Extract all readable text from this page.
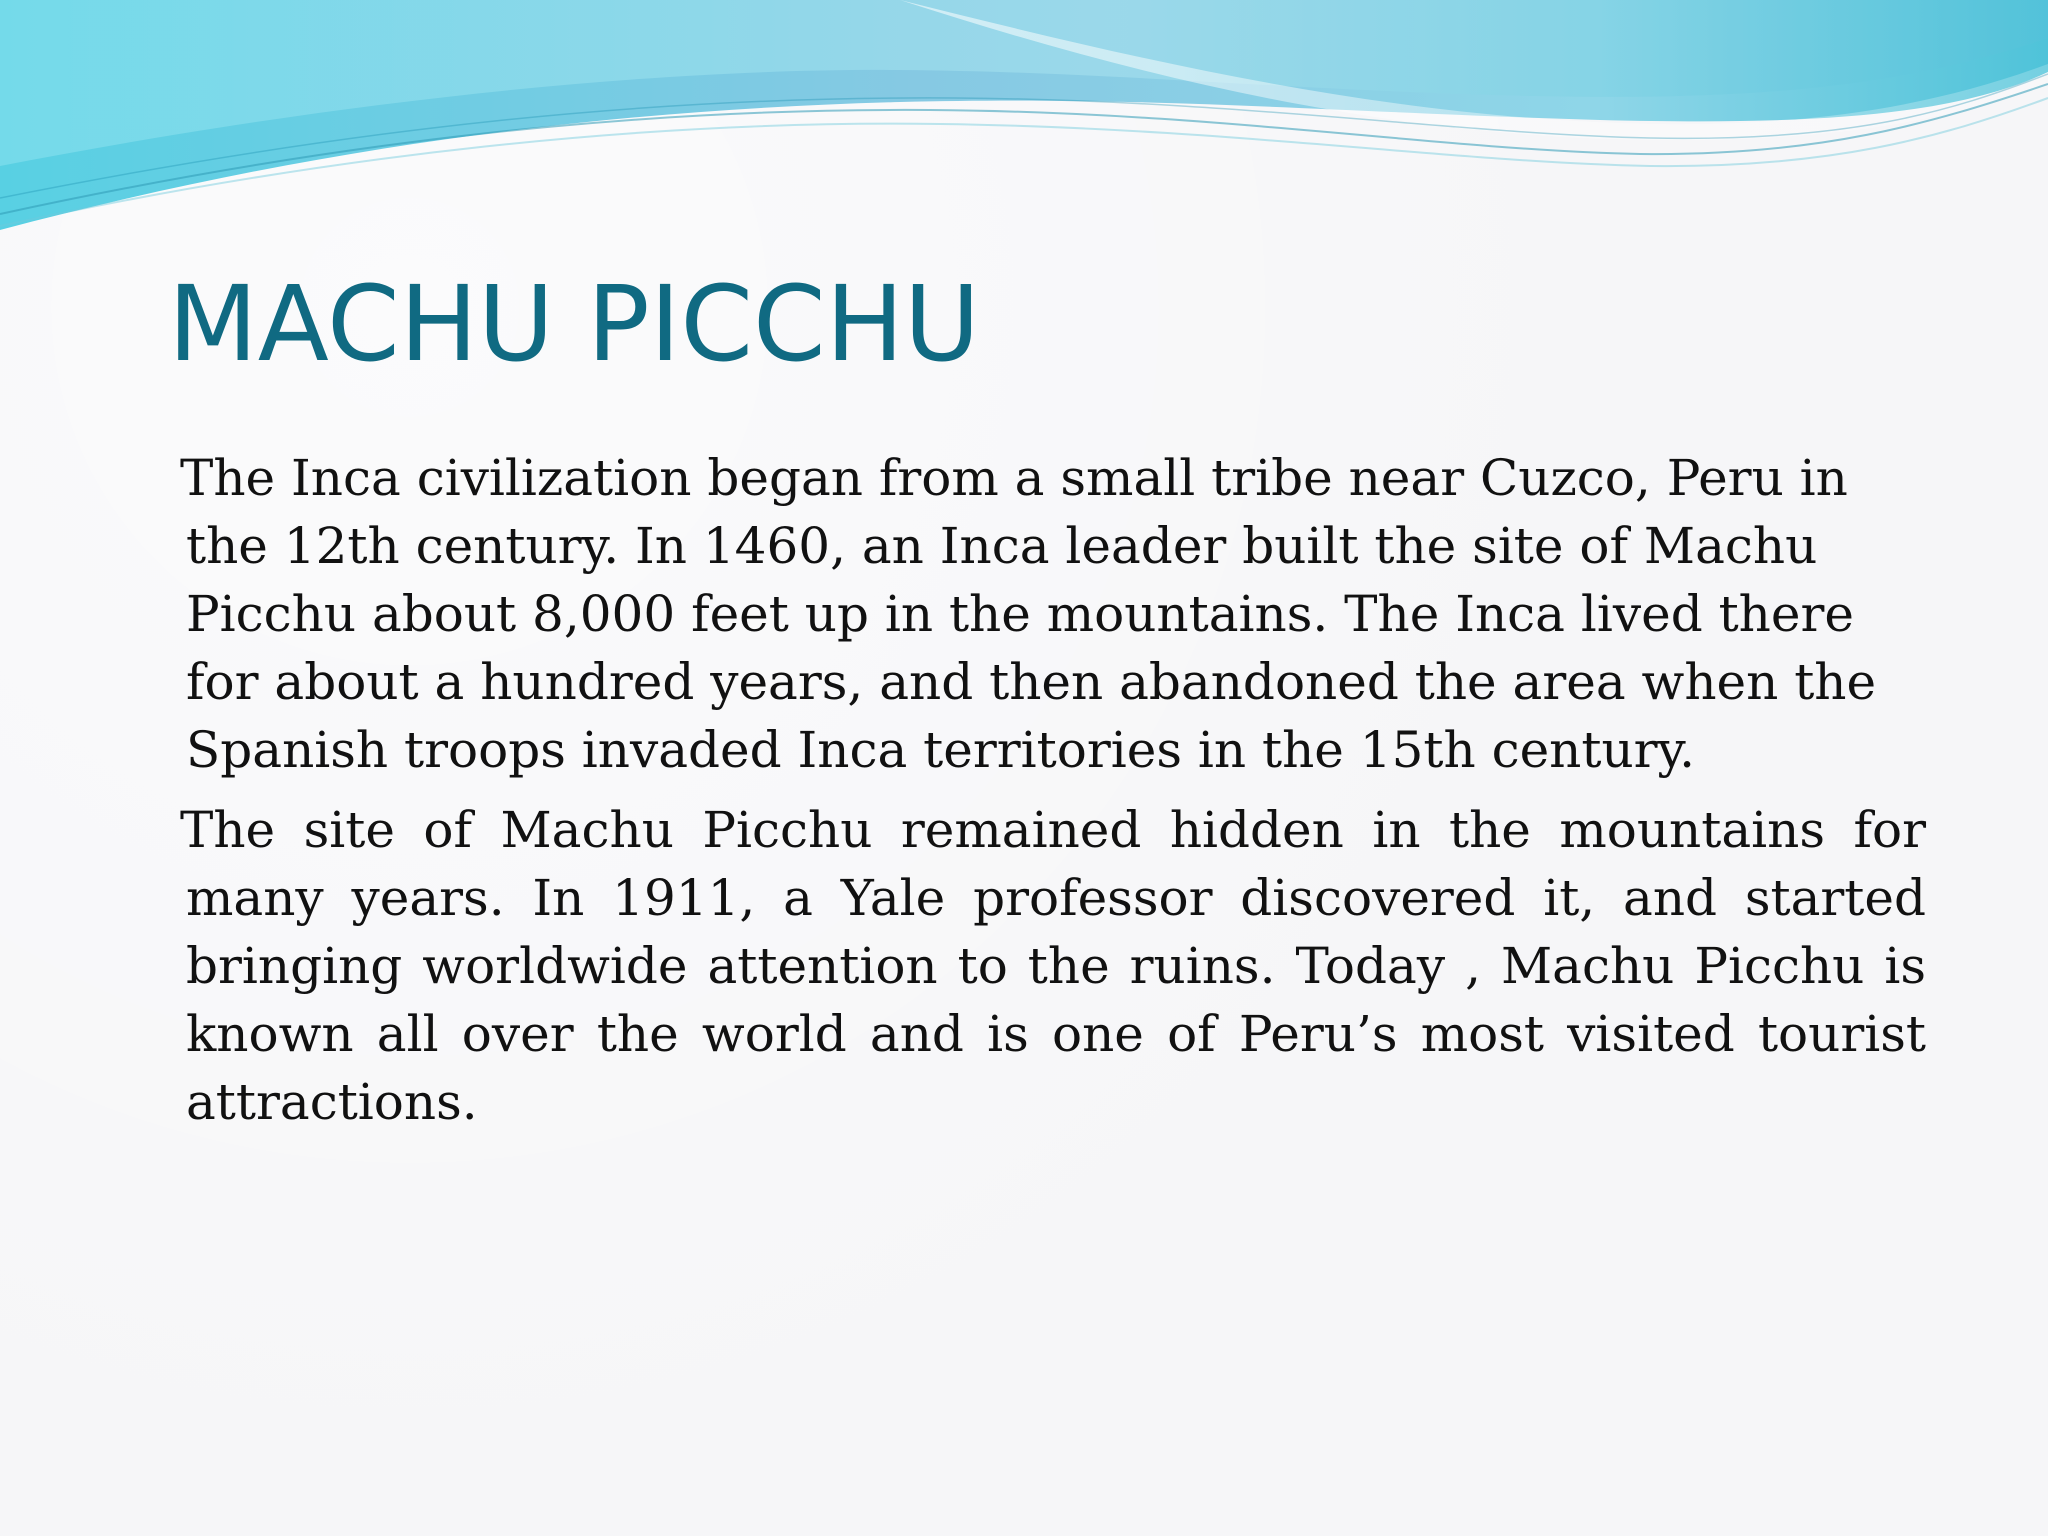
MACHU PICCHU

The Inca civilization began from a small tribe near Cuzco, Peru in the 12th century. In 1460, an Inca leader built the site of Machu Picchu about 8,000 feet up in the mountains. The Inca lived there for about a hundred years, and then abandoned the area when the Spanish troops invaded Inca territories in the 15th century.

The site of Machu Picchu remained hidden in the mountains for many years. In 1911, a Yale professor discovered it, and started bringing worldwide attention to the ruins. Today , Machu Picchu is known all over the world and is one of Peru’s most visited tourist attractions.
